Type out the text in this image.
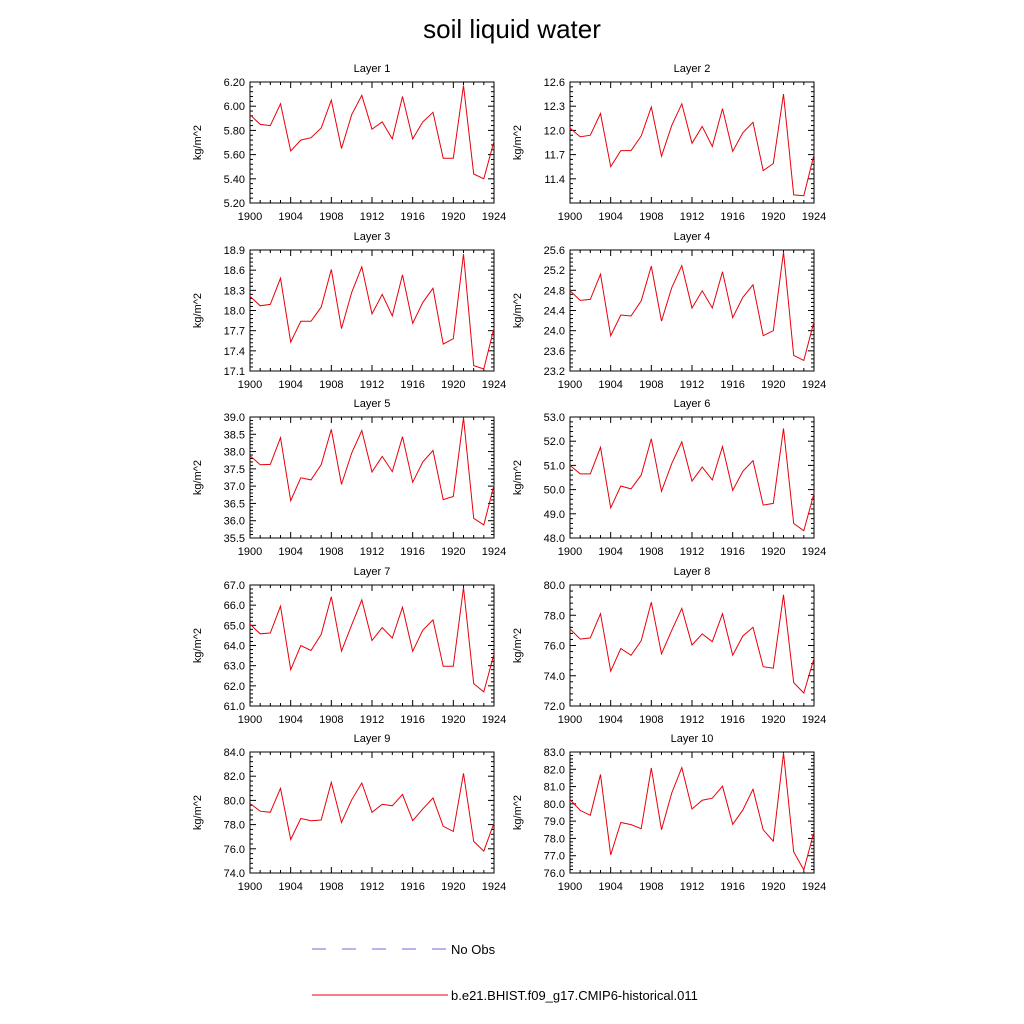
soil liquid water
Layer 1
kg/m^2
1900 1904 1908 1912 1916 1920 1924
5.20
5.40
5.60
5.80
6.00
6.20
Layer 2
kg/m^2
1900 1904 1908 1912 1916 1920 1924
11.4
11.7
12.0
12.3
12.6
Layer 3
kg/m^2
1900 1904 1908 1912 1916 1920 1924
17.1
17.4
17.7
18.0
18.3
18.6
18.9
Layer 4
kg/m^2
1900 1904 1908 1912 1916 1920 1924
23.2
23.6
24.0
24.4
24.8
25.2
25.6
Layer 5
kg/m^2
1900 1904 1908 1912 1916 1920 1924
35.5
36.0
36.5
37.0
37.5
38.0
38.5
39.0
Layer 6
kg/m^2
1900 1904 1908 1912 1916 1920 1924
48.0
49.0
50.0
51.0
52.0
53.0
Layer 7
kg/m^2
1900 1904 1908 1912 1916 1920 1924
61.0
62.0
63.0
64.0
65.0
66.0
67.0
Layer 8
kg/m^2
1900 1904 1908 1912 1916 1920 1924
72.0
74.0
76.0
78.0
80.0
Layer 9
kg/m^2
1900 1904 1908 1912 1916 1920 1924
74.0
76.0
78.0
80.0
82.0
84.0
Layer 10
kg/m^2
1900 1904 1908 1912 1916 1920 1924
76.0
77.0
78.0
79.0
80.0
81.0
82.0
83.0
No Obs
b.e21.BHIST.f09_g17.CMIP6-historical.011
